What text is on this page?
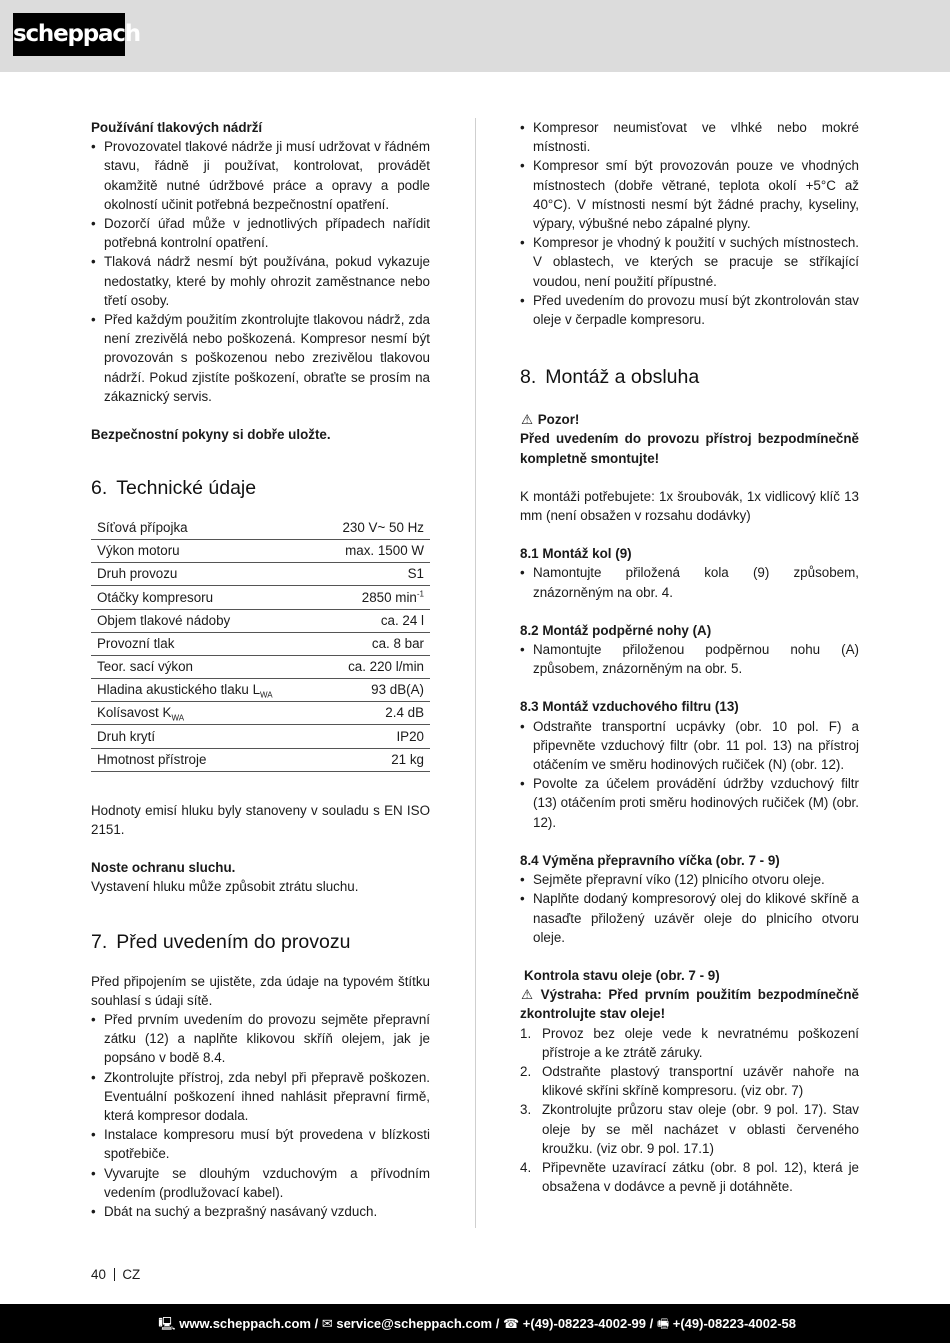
scheppach

Používání tlakových nádrží

• Provozovatel tlakové nádrže ji musí udržovat v řádném stavu, řádně ji používat, kontrolovat, provádět okamžitě nutné údržbové práce a opravy a podle okolností učinit potřebná bezpečnostní opatření.
• Dozorčí úřad může v jednotlivých případech nařídit potřebná kontrolní opatření.
• Tlaková nádrž nesmí být používána, pokud vykazuje nedostatky, které by mohly ohrozit zaměstnance nebo třetí osoby.
• Před každým použitím zkontrolujte tlakovou nádrž, zda není zrezivělá nebo poškozená. Kompresor nesmí být provozován s poškozenou nebo zrezivělou tlakovou nádrží. Pokud zjistíte poškození, obraťte se prosím na zákaznický servis.

Bezpečnostní pokyny si dobře uložte.

6. Technické údaje
Síťová přípojka	230 V~ 50 Hz
Výkon motoru	max. 1500 W
Druh provozu	S1
Otáčky kompresoru	2850 $\min^{-1}$
Objem tlakové nádoby	ca. 24 l
Provozní tlak	ca. 8 bar
Teor. sací výkon	ca. 220 l/min
Hladina akustického tlaku $L_{WA}$	93 dB(A)
Kolísavost $K_{WA}$	2.4 dB
Druh krytí	IP20
Hmotnost přístroje	21 kg

Hodnoty emisí hluku byly stanoveny v souladu s EN ISO 2151.

Noste ochranu sluchu.

Vystavení hluku může způsobit ztrátu sluchu.

7. Před uvedením do provozu

Před připojením se ujistěte, zda údaje na typovém štítku souhlasí s údaji sítě.

• Před prvním uvedením do provozu sejměte přepravní zátku (12) a naplňte klikovou skříň olejem, jak je popsáno v bodě 8.4.
• Zkontrolujte přístroj, zda nebyl při přepravě poškozen. Eventuální poškození ihned nahlásit přepravní firmě, která kompresor dodala.
• Instalace kompresoru musí být provedena v blízkosti spotřebiče.
• Vyvarujte se dlouhým vzduchovým a přívodním vedením (prodlužovací kabel).
• Dbát na suchý a bezprašný nasávaný vzduch.
• Kompresor neumisťovat ve vlhké nebo mokré místnosti.
• Kompresor smí být provozován pouze ve vhodných místnostech (dobře větrané, teplota okolí +5°C až 40°C). V místnosti nesmí být žádné prachy, kyseliny, výpary, výbušné nebo zápalné plyny.
• Kompresor je vhodný k použití v suchých místnostech. V oblastech, ve kterých se pracuje se stříkající voudou, není použití přípustné.
• Před uvedením do provozu musí být zkontrolován stav oleje v čerpadle kompresoru.
8. Montáž a obsluha

⚠ Pozor!

Před uvedením do provozu přístroj bezpodmínečně kompletně smontujte!

K montáži potřebujete: 1x šroubovák, 1x vidlicový klíč 13 mm (není obsažen v rozsahu dodávky)

8.1 Montáž kol (9)

• Namontujte přiložená kola (9) způsobem, znázorněným na obr. 4.

8.2 Montáž podpěrné nohy (A)

• Namontujte přiloženou podpěrnou nohu (A) způsobem, znázorněným na obr. 5.

8.3 Montáž vzduchového filtru (13)

• Odstraňte transportní ucpávky (obr. 10 pol. F) a připevněte vzduchový filtr (obr. 11 pol. 13) na přístroj otáčením ve směru hodinových ručiček (N) (obr. 12).
• Povolte za účelem provádění údržby vzduchový filtr (13) otáčením proti směru hodinových ručiček (M) (obr. 12).

8.4 Výměna přepravního víčka (obr. 7 - 9)

• Sejměte přepravní víko (12) plnicího otvoru oleje.
• Naplňte dodaný kompresorový olej do klikové skříně a nasaďte přiložený uzávěr oleje do plnicího otvoru oleje.

Kontrola stavu oleje (obr. 7 - 9)

⚠ Výstraha: Před prvním použitím bezpodmínečně zkontrolujte stav oleje!

1. Provoz bez oleje vede k nevratnému poškození přístroje a ke ztrátě záruky.
2. Odstraňte plastový transportní uzávěr nahoře na klikové skříni skříně kompresoru. (viz obr. 7)
3. Zkontrolujte průzoru stav oleje (obr. 9 pol. 17). Stav oleje by se měl nacházet v oblasti červeného kroužku. (viz obr. 9 pol. 17.1)
4. Připevněte uzavírací zátku (obr. 8 pol. 12), která je obsažena v dodávce a pevně ji dotáhněte.
40 CZ
🖳 www.scheppach.com / ✉ service@scheppach.com / ☎ +(49)-08223-4002-99 / 🖷 +(49)-08223-4002-58
